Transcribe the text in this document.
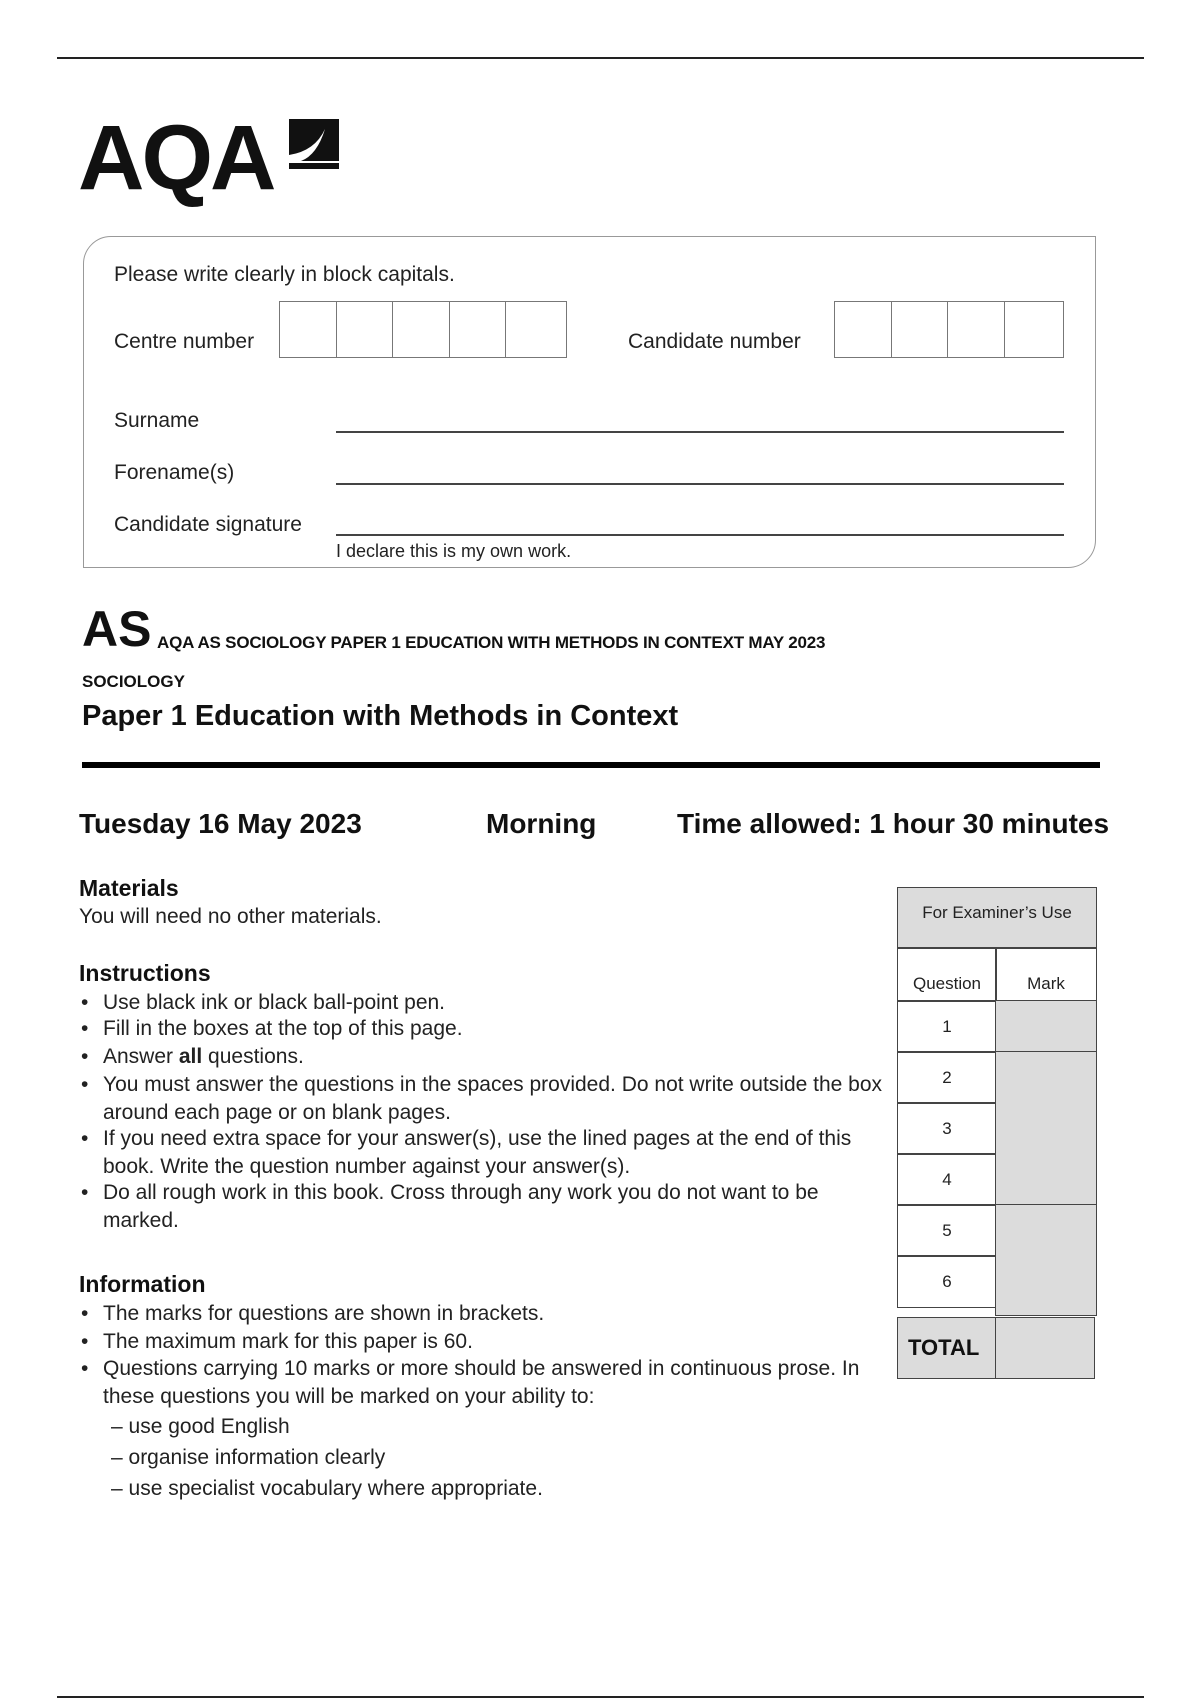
AQA
Please write clearly in block capitals.
Centre number	Candidate number
Surname
Forename(s)
Candidate signature
I declare this is my own work.
AS AQA AS SOCIOLOGY PAPER 1 EDUCATION WITH METHODS IN CONTEXT MAY 2023
SOCIOLOGY
Paper 1 Education with Methods in Context
Tuesday 16 May 2023	Morning	Time allowed: 1 hour 30 minutes
Materials
You will need no other materials.
Instructions
• Use black ink or black ball-point pen.
• Fill in the boxes at the top of this page.
• Answer all questions.
• You must answer the questions in the spaces provided. Do not write outside the box around each page or on blank pages.
• If you need extra space for your answer(s), use the lined pages at the end of this book. Write the question number against your answer(s).
• Do all rough work in this book. Cross through any work you do not want to be marked.
Information
• The marks for questions are shown in brackets.
• The maximum mark for this paper is 60.
• Questions carrying 10 marks or more should be answered in continuous prose. In these questions you will be marked on your ability to:
– use good English
– organise information clearly
– use specialist vocabulary where appropriate.
For Examiner’s Use
Question	Mark
1
2
3
4
5
6
TOTAL
